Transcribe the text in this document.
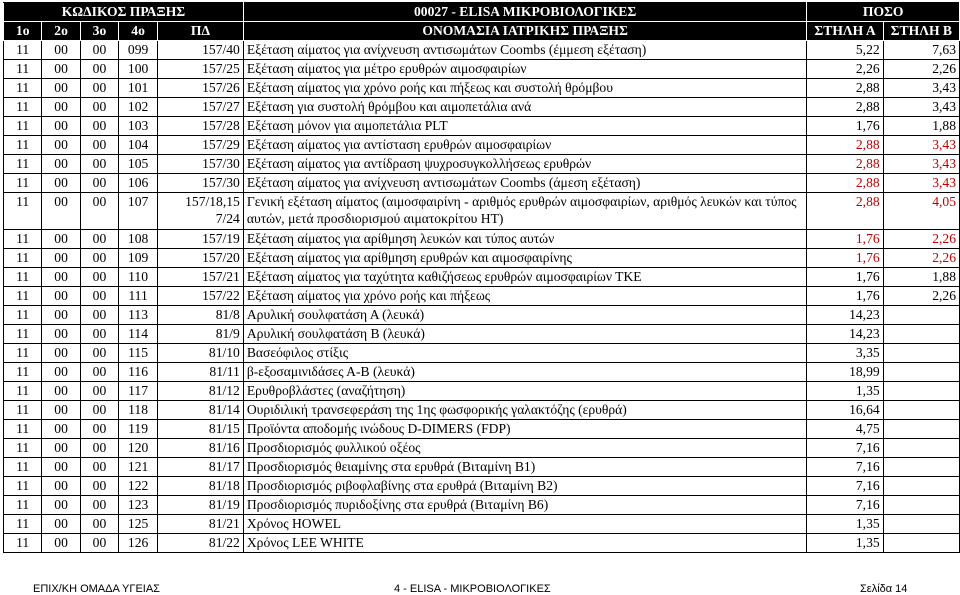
ΚΩΔΙΚΟΣ ΠΡΑΞΗΣ					00027 - ELISA ΜΙΚΡΟΒΙΟΛΟΓΙΚΕΣ	ΠΟΣΟ	
1ο	2ο	3ο	4ο	ΠΔ	ΟΝΟΜΑΣΙΑ ΙΑΤΡΙΚΗΣ ΠΡΑΞΗΣ	ΣΤΗΛΗ Α	ΣΤΗΛΗ Β
11	00	00	099	157/40	Εξέταση αίματος για ανίχνευση αντισωμάτων Coombs (έμμεση εξέταση)	5,22	7,63
11	00	00	100	157/25	Εξέταση αίματος για μέτρο ερυθρών αιμοσφαιρίων	2,26	2,26
11	00	00	101	157/26	Εξέταση αίματος για χρόνο ροής και πήξεως και συστολή θρόμβου	2,88	3,43
11	00	00	102	157/27	Εξέταση για συστολή θρόμβου και αιμοπετάλια ανά	2,88	3,43
11	00	00	103	157/28	Εξέταση μόνον για αιμοπετάλια PLT	1,76	1,88
11	00	00	104	157/29	Εξέταση αίματος για αντίσταση ερυθρών αιμοσφαιρίων	2,88	3,43
11	00	00	105	157/30	Εξέταση αίματος για αντίδραση ψυχροσυγκολλήσεως ερυθρών	2,88	3,43
11	00	00	106	157/30	Εξέταση αίματος για ανίχνευση αντισωμάτων Coombs (άμεση εξέταση)	2,88	3,43
11	00	00	107	157/18,15 7/24	Γενική εξέταση αίματος (αιμοσφαιρίνη - αριθμός ερυθρών αιμοσφαιρίων, αριθμός λευκών και τύπος αυτών, μετά προσδιορισμού αιματοκρίτου ΗΤ)	2,88	4,05
11	00	00	108	157/19	Εξέταση αίματος για αρίθμηση λευκών και τύπος αυτών	1,76	2,26
11	00	00	109	157/20	Εξέταση αίματος για αρίθμηση ερυθρών και αιμοσφαιρίνης	1,76	2,26
11	00	00	110	157/21	Εξέταση αίματος για ταχύτητα καθιζήσεως ερυθρών αιμοσφαιρίων ΤΚΕ	1,76	1,88
11	00	00	111	157/22	Εξέταση αίματος για χρόνο ροής και πήξεως	1,76	2,26
11	00	00	113	81/8	Αρυλική σουλφατάση Α (λευκά)	14,23	
11	00	00	114	81/9	Αρυλική σουλφατάση Β (λευκά)	14,23	
11	00	00	115	81/10	Βασεόφιλος στίξις	3,35	
11	00	00	116	81/11	β-εξοσαμινιδάσες Α-Β (λευκά)	18,99	
11	00	00	117	81/12	Ερυθροβλάστες (αναζήτηση)	1,35	
11	00	00	118	81/14	Ουριδιλική τρανσεφεράση της 1ης φωσφορικής γαλακτόζης (ερυθρά)	16,64	
11	00	00	119	81/15	Προϊόντα αποδομής ινώδους D-DIMERS (FDP)	4,75	
11	00	00	120	81/16	Προσδιορισμός φυλλικού οξέος	7,16	
11	00	00	121	81/17	Προσδιορισμός θειαμίνης στα ερυθρά (Βιταμίνη Β1)	7,16	
11	00	00	122	81/18	Προσδιορισμός ριβοφλαβίνης στα ερυθρά (Βιταμίνη Β2)	7,16	
11	00	00	123	81/19	Προσδιορισμός πυριδοξίνης στα ερυθρά (Βιταμίνη Β6)	7,16	
11	00	00	125	81/21	Χρόνος HOWEL	1,35	
11	00	00	126	81/22	Χρόνος LEE WHITE	1,35	
ΕΠΙΧ/ΚΗ ΟΜΑΔΑ ΥΓΕΙΑΣ	4 - ELISA - ΜΙΚΡΟΒΙΟΛΟΓΙΚΕΣ	Σελίδα 14
